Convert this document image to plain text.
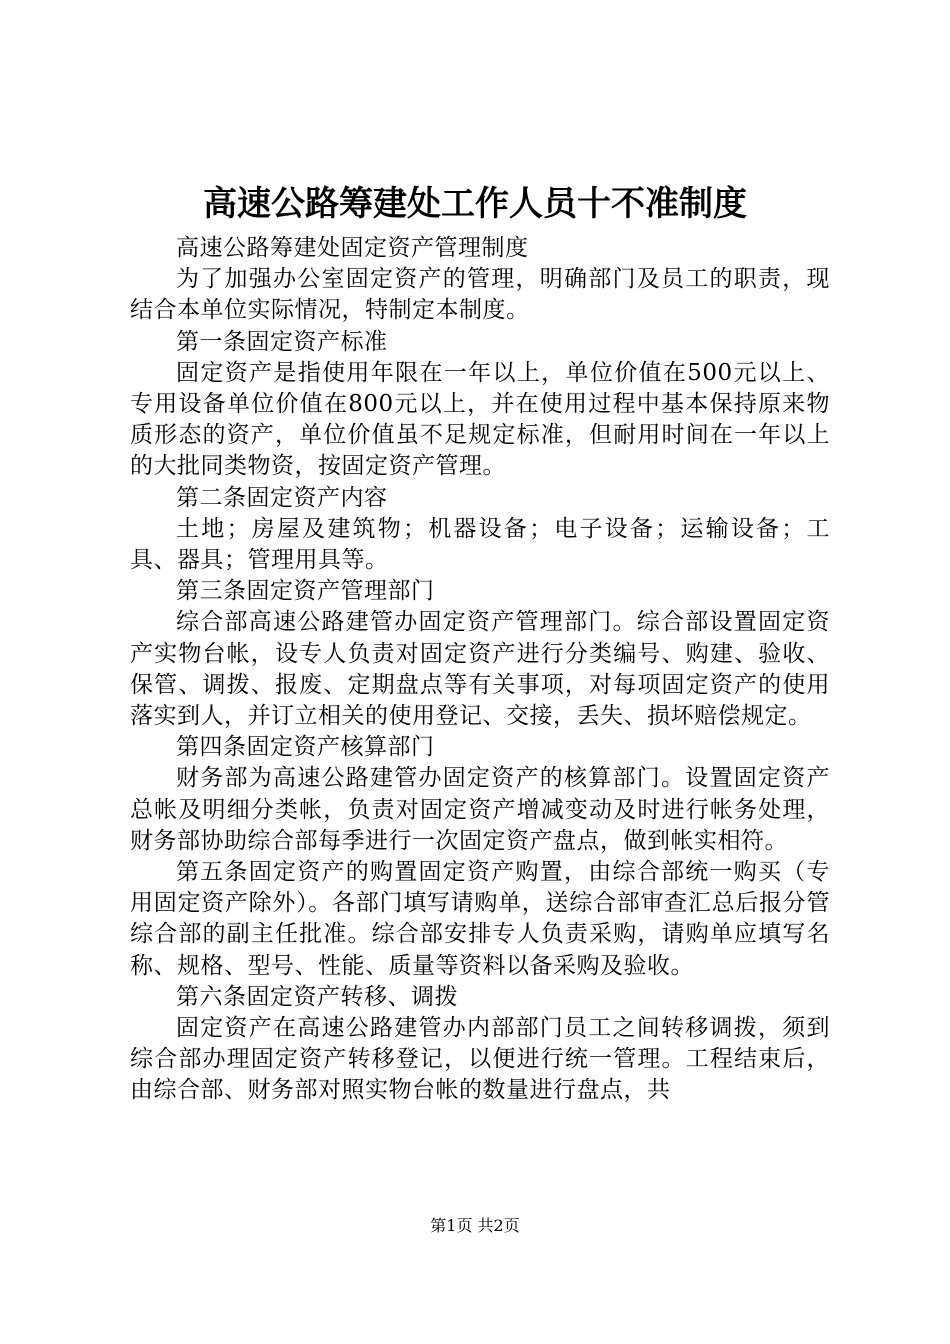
高速公路筹建处工作人员十不准制度

高速公路筹建处固定资产管理制度

为了加强办公室固定资产的管理，明确部门及员工的职责，现结合本单位实际情况，特制定本制度。

第一条固定资产标准

固定资产是指使用年限在一年以上，单位价值在500元以上、专用设备单位价值在800元以上，并在使用过程中基本保持原来物质形态的资产，单位价值虽不足规定标准，但耐用时间在一年以上的大批同类物资，按固定资产管理。

第二条固定资产内容

土地；房屋及建筑物；机器设备；电子设备；运输设备；工具、器具；管理用具等。

第三条固定资产管理部门

综合部高速公路建管办固定资产管理部门。综合部设置固定资产实物台帐，设专人负责对固定资产进行分类编号、购建、验收、保管、调拨、报废、定期盘点等有关事项，对每项固定资产的使用落实到人，并订立相关的使用登记、交接，丢失、损坏赔偿规定。

第四条固定资产核算部门

财务部为高速公路建管办固定资产的核算部门。设置固定资产总帐及明细分类帐，负责对固定资产增减变动及时进行帐务处理，财务部协助综合部每季进行一次固定资产盘点，做到帐实相符。

第五条固定资产的购置固定资产购置，由综合部统一购买（专用固定资产除外）。各部门填写请购单，送综合部审查汇总后报分管综合部的副主任批准。综合部安排专人负责采购，请购单应填写名称、规格、型号、性能、质量等资料以备采购及验收。

第六条固定资产转移、调拨

固定资产在高速公路建管办内部部门员工之间转移调拨，须到综合部办理固定资产转移登记，以便进行统一管理。工程结束后，由综合部、财务部对照实物台帐的数量进行盘点，共

第1页 共2页
